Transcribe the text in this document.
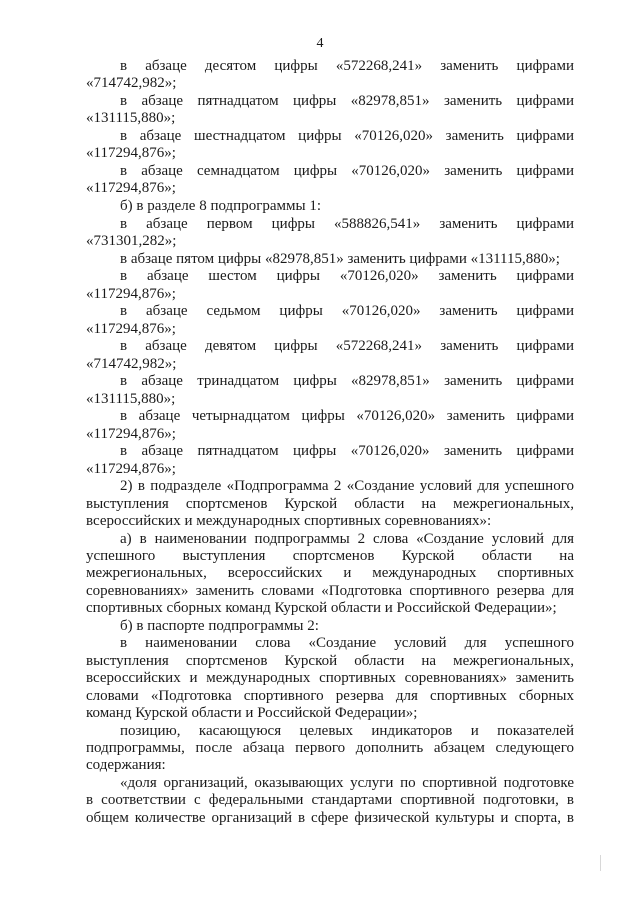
4

в абзаце десятом цифры «572268,241» заменить цифрами

«714742,982»;

в абзаце пятнадцатом цифры «82978,851» заменить цифрами

«131115,880»;

в абзаце шестнадцатом цифры «70126,020» заменить цифрами

«117294,876»;

в абзаце семнадцатом цифры «70126,020» заменить цифрами

«117294,876»;

б) в разделе 8 подпрограммы 1:

в абзаце первом цифры «588826,541» заменить цифрами

«731301,282»;

в абзаце пятом цифры «82978,851» заменить цифрами «131115,880»;

в абзаце шестом цифры «70126,020» заменить цифрами

«117294,876»;

в абзаце седьмом цифры «70126,020» заменить цифрами

«117294,876»;

в абзаце девятом цифры «572268,241» заменить цифрами

«714742,982»;

в абзаце тринадцатом цифры «82978,851» заменить цифрами

«131115,880»;

в абзаце четырнадцатом цифры «70126,020» заменить цифрами

«117294,876»;

в абзаце пятнадцатом цифры «70126,020» заменить цифрами

«117294,876»;

2) в подразделе «Подпрограмма 2 «Создание условий для успешного

выступления спортсменов Курской области на межрегиональных,

всероссийских и международных спортивных соревнованиях»:

а) в наименовании подпрограммы 2 слова «Создание условий для

успешного выступления спортсменов Курской области на

межрегиональных, всероссийских и международных спортивных

соревнованиях» заменить словами «Подготовка спортивного резерва для

спортивных сборных команд Курской области и Российской Федерации»;

б) в паспорте подпрограммы 2:

в наименовании слова «Создание условий для успешного

выступления спортсменов Курской области на межрегиональных,

всероссийских и международных спортивных соревнованиях» заменить

словами «Подготовка спортивного резерва для спортивных сборных

команд Курской области и Российской Федерации»;

позицию, касающуюся целевых индикаторов и показателей

подпрограммы, после абзаца первого дополнить абзацем следующего

содержания:

«доля организаций, оказывающих услуги по спортивной подготовке

в соответствии с федеральными стандартами спортивной подготовки, в

общем количестве организаций в сфере физической культуры и спорта, в
